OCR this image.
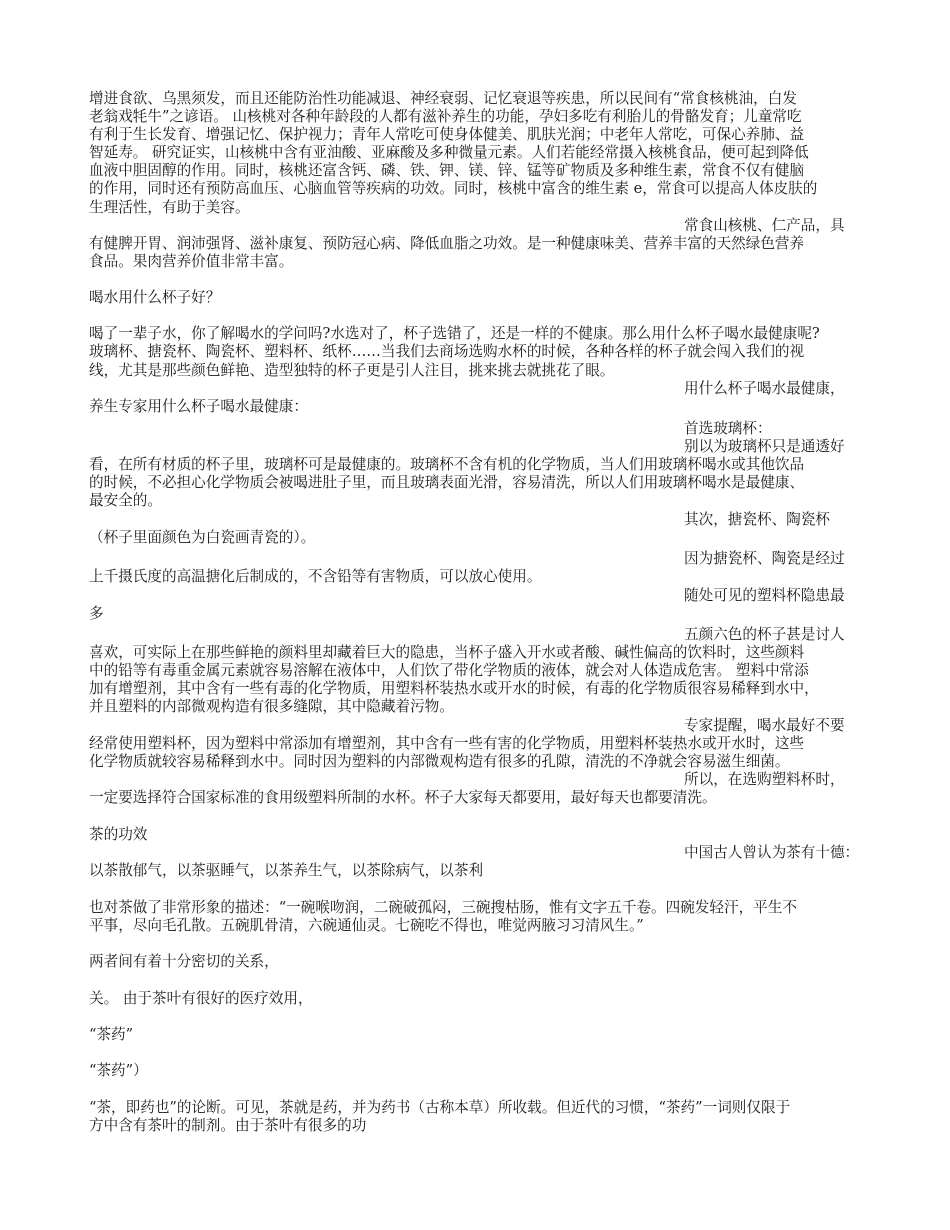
增进食欲、乌黑须发，而且还能防治性功能减退、神经衰弱、记忆衰退等疾患，所以民间有“常食核桃油，白发
老翁戏牦牛”之谚语。 山核桃对各种年龄段的人都有滋补养生的功能，孕妇多吃有利胎儿的骨骼发育；儿童常吃
有利于生长发育、增强记忆、保护视力；青年人常吃可使身体健美、肌肤光润；中老年人常吃，可保心养肺、益
智延寿。 研究证实，山核桃中含有亚油酸、亚麻酸及多种微量元素。人们若能经常摄入核桃食品，便可起到降低
血液中胆固醇的作用。同时，核桃还富含钙、磷、铁、钾、镁、锌、锰等矿物质及多种维生素，常食不仅有健脑
的作用，同时还有预防高血压、心脑血管等疾病的功效。同时，核桃中富含的维生素 e，常食可以提高人体皮肤的
生理活性，有助于美容。
常食山核桃、仁产品，具
有健脾开胃、润沛强肾、滋补康复、预防冠心病、降低血脂之功效。是一种健康味美、营养丰富的天然绿色营养
食品。果肉营养价值非常丰富。
喝水用什么杯子好？
喝了一辈子水，你了解喝水的学问吗?水选对了，杯子选错了，还是一样的不健康。那么用什么杯子喝水最健康呢?
玻璃杯、搪瓷杯、陶瓷杯、塑料杯、纸杯……当我们去商场选购水杯的时候，各种各样的杯子就会闯入我们的视
线，尤其是那些颜色鲜艳、造型独特的杯子更是引人注目，挑来挑去就挑花了眼。
用什么杯子喝水最健康，
养生专家用什么杯子喝水最健康：
首选玻璃杯：
别以为玻璃杯只是通透好
看，在所有材质的杯子里，玻璃杯可是最健康的。玻璃杯不含有机的化学物质，当人们用玻璃杯喝水或其他饮品
的时候，不必担心化学物质会被喝进肚子里，而且玻璃表面光滑，容易清洗，所以人们用玻璃杯喝水是最健康、
最安全的。
其次，搪瓷杯、陶瓷杯
（杯子里面颜色为白瓷画青瓷的）。
因为搪瓷杯、陶瓷是经过
上千摄氏度的高温搪化后制成的，不含铅等有害物质，可以放心使用。
随处可见的塑料杯隐患最
多
五颜六色的杯子甚是讨人
喜欢，可实际上在那些鲜艳的颜料里却藏着巨大的隐患，当杯子盛入开水或者酸、碱性偏高的饮料时，这些颜料
中的铅等有毒重金属元素就容易溶解在液体中，人们饮了带化学物质的液体，就会对人体造成危害。 塑料中常添
加有增塑剂，其中含有一些有毒的化学物质，用塑料杯装热水或开水的时候，有毒的化学物质很容易稀释到水中，
并且塑料的内部微观构造有很多缝隙，其中隐藏着污物。
专家提醒，喝水最好不要
经常使用塑料杯，因为塑料中常添加有增塑剂，其中含有一些有害的化学物质，用塑料杯装热水或开水时，这些
化学物质就较容易稀释到水中。同时因为塑料的内部微观构造有很多的孔隙，清洗的不净就会容易滋生细菌。
所以，在选购塑料杯时，
一定要选择符合国家标准的食用级塑料所制的水杯。杯子大家每天都要用，最好每天也都要清洗。
茶的功效
中国古人曾认为茶有十德：
以茶散郁气，以茶驱睡气，以茶养生气，以茶除病气，以茶利
也对茶做了非常形象的描述：“一碗喉吻润，二碗破孤闷，三碗搜枯肠，惟有文字五千卷。四碗发轻汗，平生不
平事，尽向毛孔散。五碗肌骨清，六碗通仙灵。七碗吃不得也，唯觉两腋习习清风生。”
两者间有着十分密切的关系，
关。 由于茶叶有很好的医疗效用，
“茶药”
“茶药”）
“茶，即药也”的论断。可见，茶就是药，并为药书（古称本草）所收载。但近代的习惯，“茶药”一词则仅限于
方中含有茶叶的制剂。由于茶叶有很多的功
